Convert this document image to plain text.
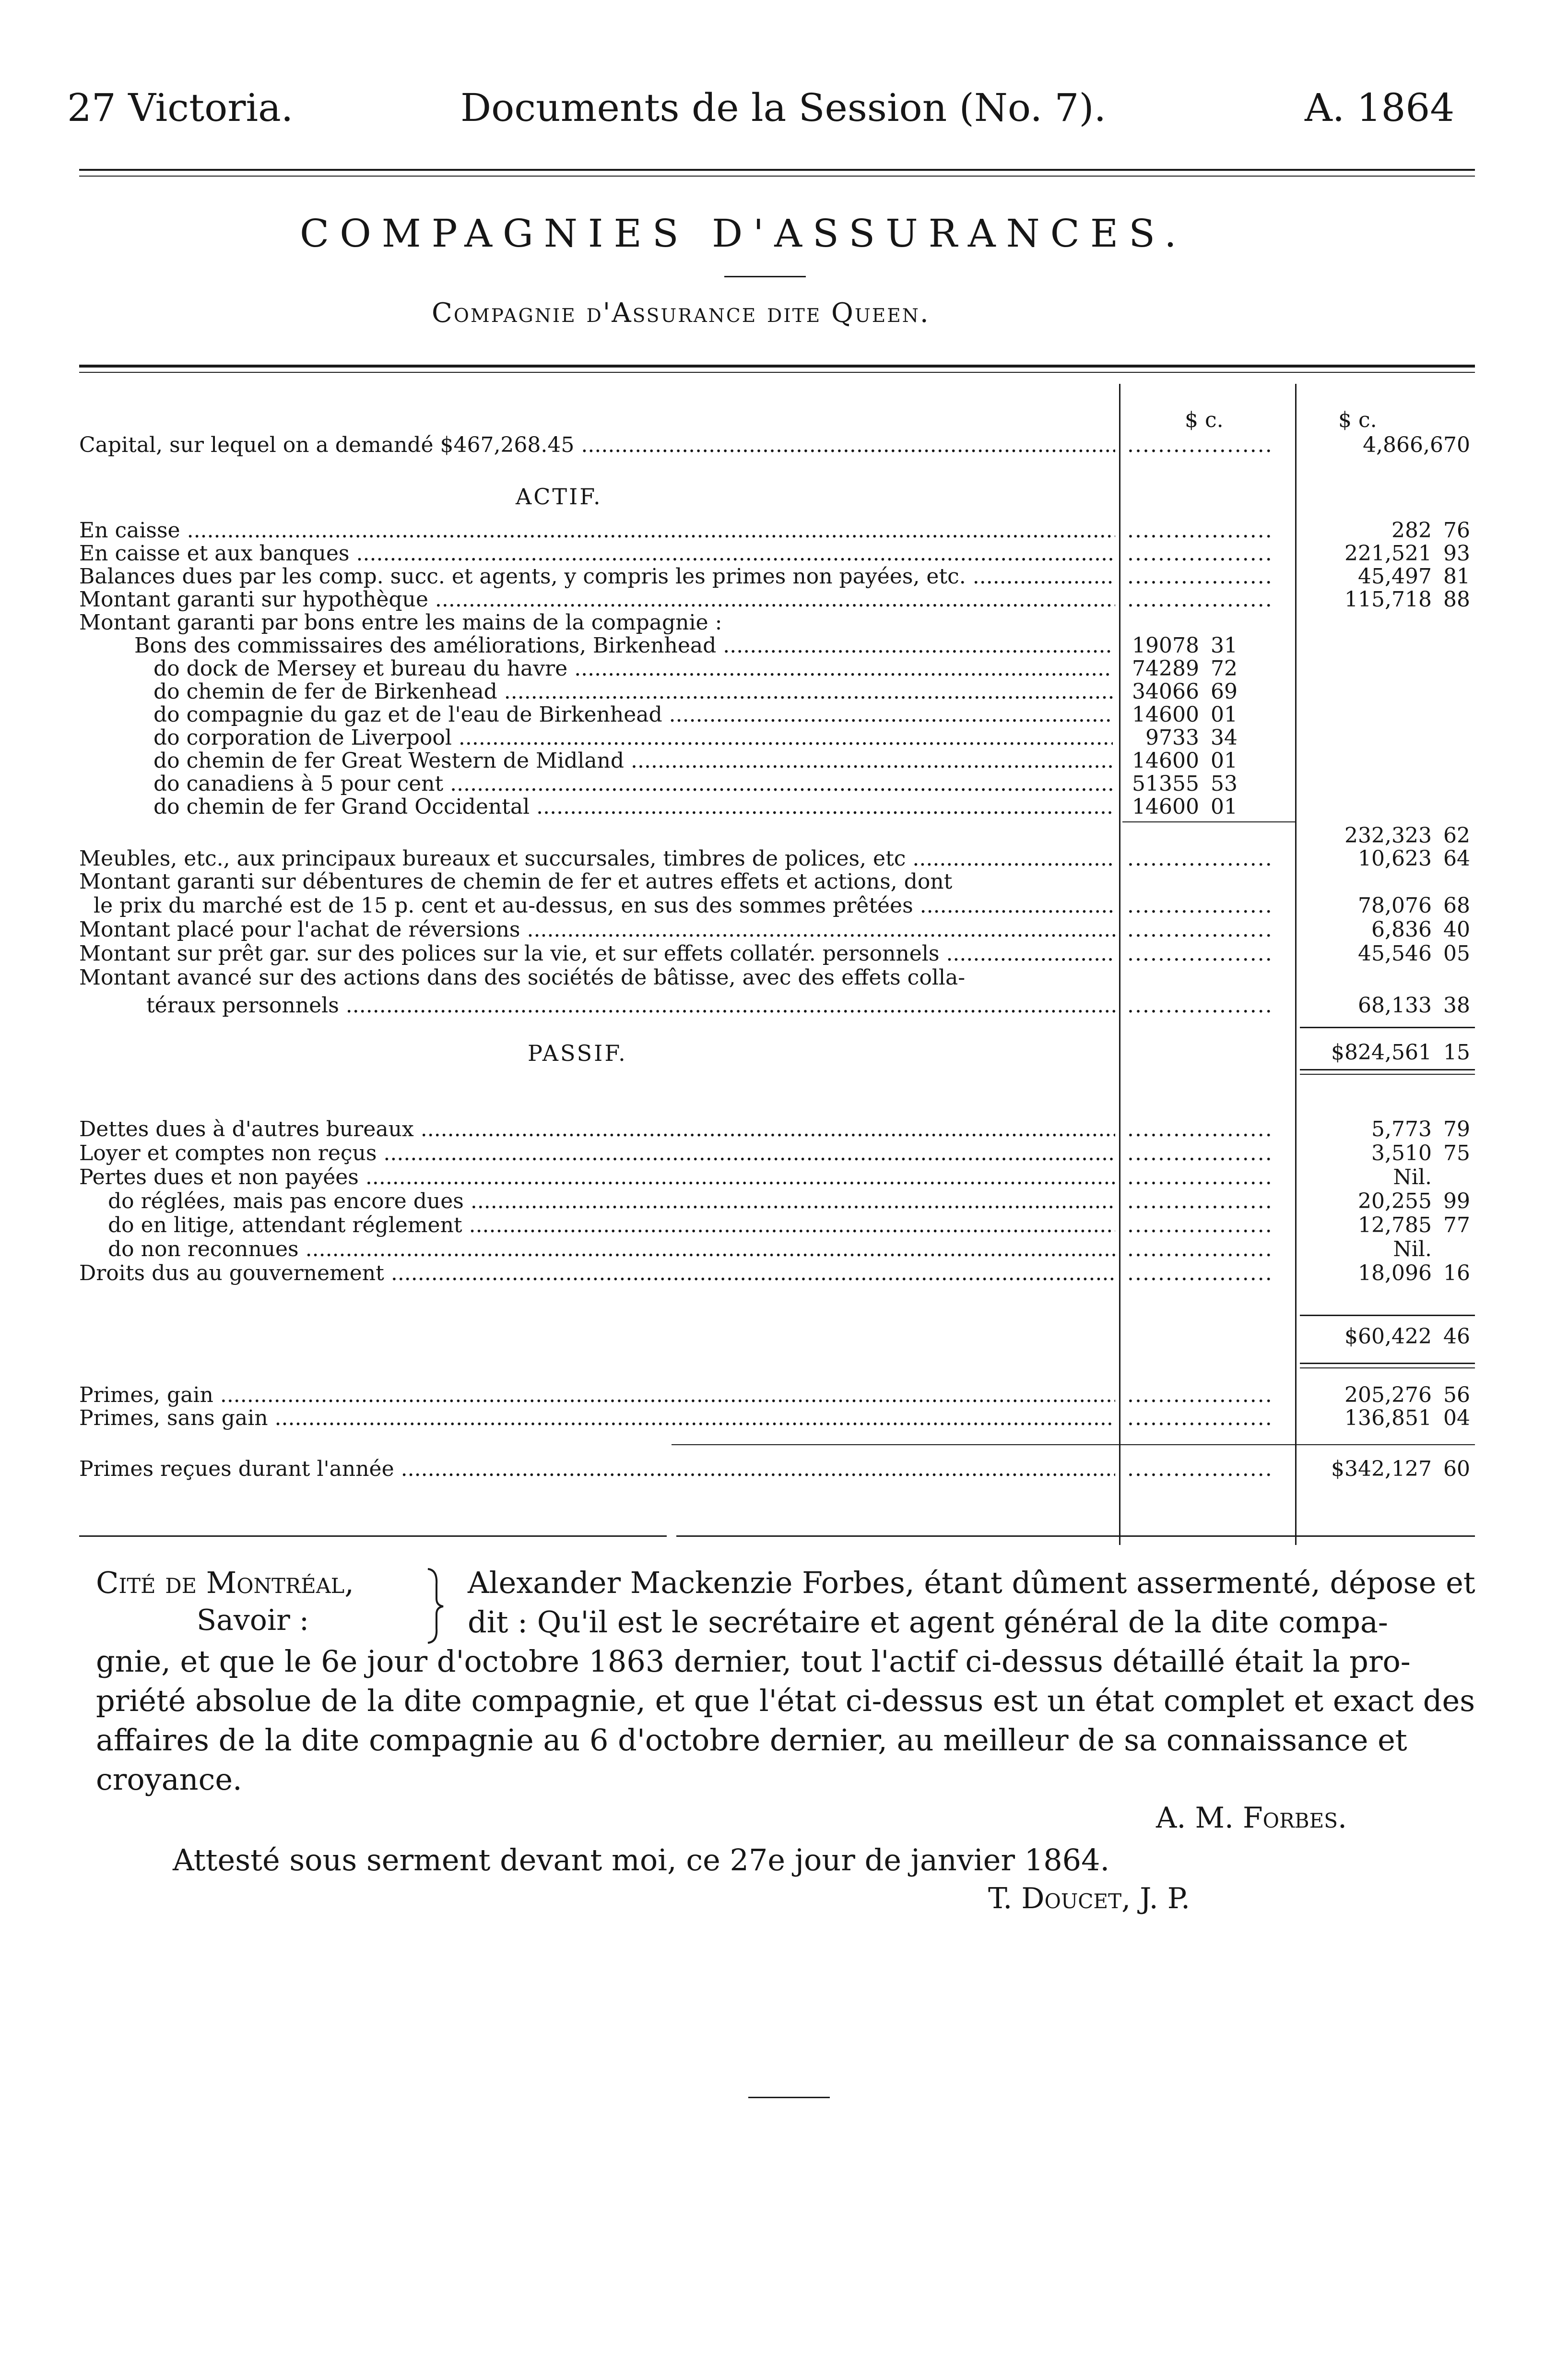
27 Victoria.	Documents de la Session (No. 7).	A. 1864
COMPAGNIES D'ASSURANCES.
Compagnie d'Assurance dite Queen.
$ c.	$ c.
Capital, sur lequel on a demandé $467,268.45 ..... .....	4,866,670
ACTIF.
En caisse ..... .....	282 76
En caisse et aux banques ..... .....	221,521 93
Balances dues par les comp. succ. et agents, y compris les primes non payées, etc. ..... .....	45,497 81
Montant garanti sur hypothèque ..... .....	115,718 88
Montant garanti par bons entre les mains de la compagnie :
Bons des commissaires des améliorations, Birkenhead .....	19078 31
do dock de Mersey et bureau du havre .....	74289 72
do chemin de fer de Birkenhead .....	34066 69
do compagnie du gaz et de l'eau de Birkenhead .....	14600 01
do corporation de Liverpool .....	9733 34
do chemin de fer Great Western de Midland .....	14600 01
do canadiens à 5 pour cent .....	51355 53
do chemin de fer Grand Occidental .....	14600 01
232,323 62
Meubles, etc., aux principaux bureaux et succursales, timbres de polices, etc ..... .....	10,623 64
Montant garanti sur débentures de chemin de fer et autres effets et actions, dont
le prix du marché est de 15 p. cent et au-dessus, en sus des sommes prêtées ..... .....	78,076 68
Montant placé pour l'achat de réversions ..... .....	6,836 40
Montant sur prêt gar. sur des polices sur la vie, et sur effets collatér. personnels ..... .....	45,546 05
Montant avancé sur des actions dans des sociétés de bâtisse, avec des effets colla-
téraux personnels ..... .....	68,133 38
PASSIF.	$824,561 15
Dettes dues à d'autres bureaux ..... .....	5,773 79
Loyer et comptes non reçus ..... .....	3,510 75
Pertes dues et non payées ..... .....	Nil.
do réglées, mais pas encore dues ..... .....	20,255 99
do en litige, attendant réglement ..... .....	12,785 77
do non reconnues ..... .....	Nil.
Droits dus au gouvernement ..... .....	18,096 16
$60,422 46
Primes, gain ..... .....	205,276 56
Primes, sans gain ..... .....	136,851 04
Primes reçues durant l'année ..... .....	$342,127 60
Cité de Montréal,
Savoir :
Alexander Mackenzie Forbes, étant dûment assermenté, dépose et
dit : Qu'il est le secrétaire et agent général de la dite compa-
gnie, et que le 6e jour d'octobre 1863 dernier, tout l'actif ci-dessus détaillé était la pro-
priété absolue de la dite compagnie, et que l'état ci-dessus est un état complet et exact des
affaires de la dite compagnie au 6 d'octobre dernier, au meilleur de sa connaissance et
croyance.
A. M. Forbes.
Attesté sous serment devant moi, ce 27e jour de janvier 1864.
T. Doucet, J. P.
